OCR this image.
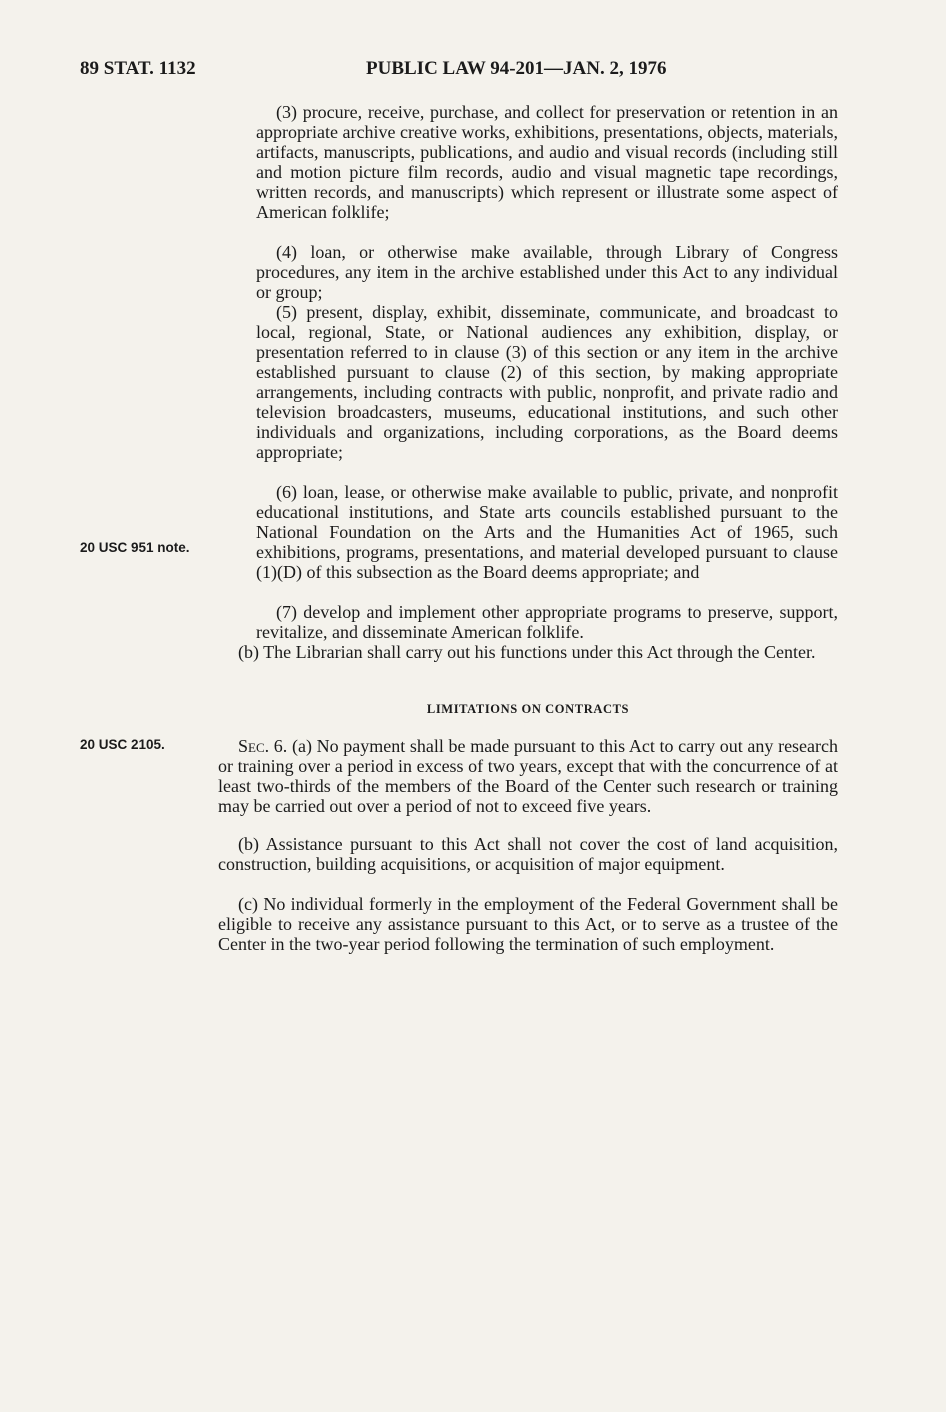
89 STAT. 1132	PUBLIC LAW 94-201—JAN. 2, 1976

(3) procure, receive, purchase, and collect for preservation or retention in an appropriate archive creative works, exhibitions, presentations, objects, materials, artifacts, manuscripts, publications, and audio and visual records (including still and motion picture film records, audio and visual magnetic tape recordings, written records, and manuscripts) which represent or illustrate some aspect of American folklife;

(4) loan, or otherwise make available, through Library of Congress procedures, any item in the archive established under this Act to any individual or group;

(5) present, display, exhibit, disseminate, communicate, and broadcast to local, regional, State, or National audiences any exhibition, display, or presentation referred to in clause (3) of this section or any item in the archive established pursuant to clause (2) of this section, by making appropriate arrangements, including contracts with public, nonprofit, and private radio and television broadcasters, museums, educational institutions, and such other individuals and organizations, including corporations, as the Board deems appropriate;

(6) loan, lease, or otherwise make available to public, private, and nonprofit educational institutions, and State arts councils established pursuant to the National Foundation on the Arts and the Humanities Act of 1965, such exhibitions, programs, presentations, and material developed pursuant to clause (1)(D) of this subsection as the Board deems appropriate; and

(7) develop and implement other appropriate programs to preserve, support, revitalize, and disseminate American folklife.

20 USC 951 note.

(b) The Librarian shall carry out his functions under this Act through the Center.

LIMITATIONS ON CONTRACTS
20 USC 2105.	Sec. 6. (a) No payment shall be made pursuant to this Act to carry out any research or training over a period in excess of two years, except that with the concurrence of at least two-thirds of the members of the Board of the Center such research or training may be carried out over a period of not to exceed five years.

(b) Assistance pursuant to this Act shall not cover the cost of land acquisition, construction, building acquisitions, or acquisition of major equipment.

(c) No individual formerly in the employment of the Federal Government shall be eligible to receive any assistance pursuant to this Act, or to serve as a trustee of the Center in the two-year period following the termination of such employment.
